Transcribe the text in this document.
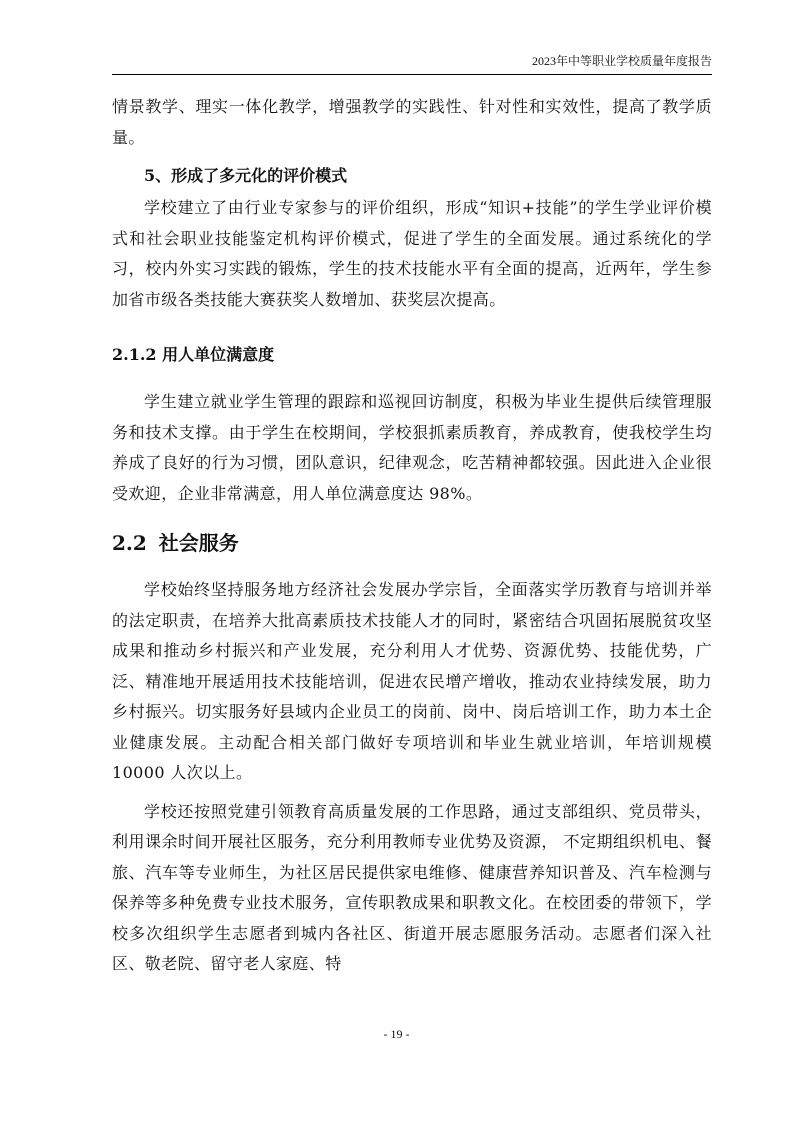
2023年中等职业学校质量年度报告

情景教学、理实一体化教学，增强教学的实践性、针对性和实效性，提高了教学质量。

5、形成了多元化的评价模式

学校建立了由行业专家参与的评价组织，形成“知识+技能”的学生学业评价模式和社会职业技能鉴定机构评价模式，促进了学生的全面发展。通过系统化的学习，校内外实习实践的锻炼，学生的技术技能水平有全面的提高，近两年，学生参加省市级各类技能大赛获奖人数增加、获奖层次提高。

2.1.2 用人单位满意度

学生建立就业学生管理的跟踪和巡视回访制度，积极为毕业生提供后续管理服务和技术支撑。由于学生在校期间，学校狠抓素质教育，养成教育，使我校学生均养成了良好的行为习惯，团队意识，纪律观念，吃苦精神都较强。因此进入企业很受欢迎，企业非常满意，用人单位满意度达 98%。

2.2 社会服务

学校始终坚持服务地方经济社会发展办学宗旨，全面落实学历教育与培训并举的法定职责，在培养大批高素质技术技能人才的同时，紧密结合巩固拓展脱贫攻坚成果和推动乡村振兴和产业发展，充分利用人才优势、资源优势、技能优势，广泛、精准地开展适用技术技能培训，促进农民增产增收，推动农业持续发展，助力乡村振兴。切实服务好县域内企业员工的岗前、岗中、岗后培训工作，助力本土企业健康发展。主动配合相关部门做好专项培训和毕业生就业培训，年培训规模 10000 人次以上。

学校还按照党建引领教育高质量发展的工作思路，通过支部组织、党员带头，利用课余时间开展社区服务，充分利用教师专业优势及资源， 不定期组织机电、餐旅、汽车等专业师生，为社区居民提供家电维修、健康营养知识普及、汽车检测与保养等多种免费专业技术服务，宣传职教成果和职教文化。在校团委的带领下，学校多次组织学生志愿者到城内各社区、街道开展志愿服务活动。志愿者们深入社区、敬老院、留守老人家庭、特

- 19 -
